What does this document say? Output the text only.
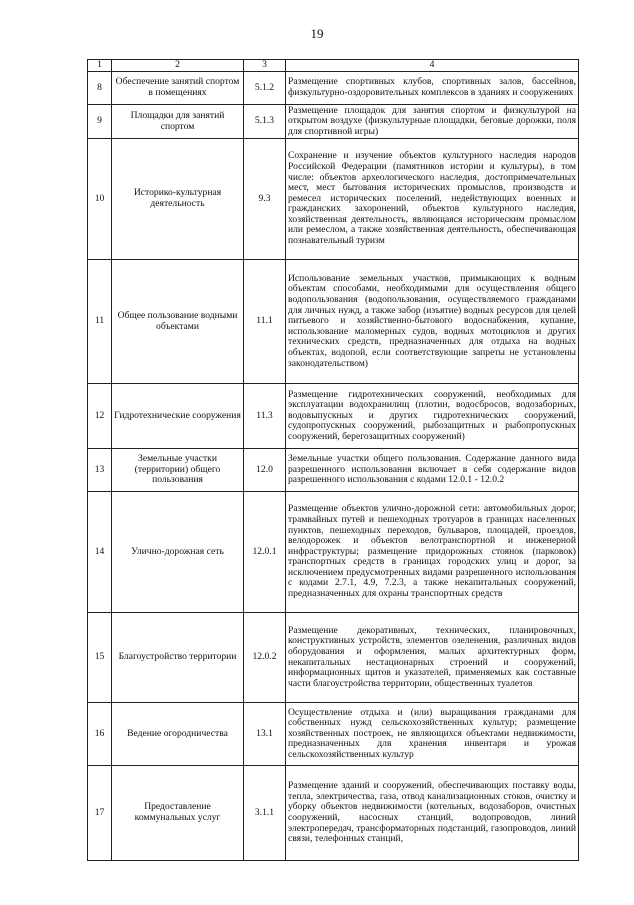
19
1	2	3	4
8	Обеспечение занятий спортом в помещениях	5.1.2	Размещение спортивных клубов, спортивных залов, бассейнов, физкультурно-оздоровительных комплексов в зданиях и сооружениях
9	Площадки для занятий спортом	5.1.3	Размещение площадок для занятия спортом и физкультурой на открытом воздухе (физкультурные площадки, беговые дорожки, поля для спортивной игры)
10	Историко-культурная деятельность	9.3	Сохранение и изучение объектов культурного наследия народов Российской Федерации (памятников истории и культуры), в том числе: объектов археологического наследия, достопримечательных мест, мест бытования исторических промыслов, производств и ремесел исторических поселений, недействующих военных и гражданских захоронений, объектов культурного наследия, хозяйственная деятельность, являющаяся историческим промыслом или ремеслом, а также хозяйственная деятельность, обеспечивающая познавательный туризм
11	Общее пользование водными объектами	11.1	Использование земельных участков, примыкающих к водным объектам способами, необходимыми для осуществления общего водопользования (водопользования, осуществляемого гражданами для личных нужд, а также забор (изъятие) водных ресурсов для целей питьевого и хозяйственно-бытового водоснабжения, купание, использование маломерных судов, водных мотоциклов и других технических средств, предназначенных для отдыха на водных объектах, водопой, если соответствующие запреты не установлены законодательством)
12	Гидротехнические сооружения	11.3	Размещение гидротехнических сооружений, необходимых для эксплуатации водохранилищ (плотин, водосбросов, водозаборных, водовыпускных и других гидротехнических сооружений, судопропускных сооружений, рыбозащитных и рыбопропускных сооружений, берегозащитных сооружений)
13	Земельные участки (территории) общего пользования	12.0	Земельные участки общего пользования. Содержание данного вида разрешенного использования включает в себя содержание видов разрешенного использования с кодами 12.0.1 - 12.0.2
14	Улично-дорожная сеть	12.0.1	Размещение объектов улично-дорожной сети: автомобильных дорог, трамвайных путей и пешеходных тротуаров в границах населенных пунктов, пешеходных переходов, бульваров, площадей, проездов, велодорожек и объектов велотранспортной и инженерной инфраструктуры; размещение придорожных стоянок (парковок) транспортных средств в границах городских улиц и дорог, за исключением предусмотренных видами разрешенного использования с кодами 2.7.1, 4.9, 7.2.3, а также некапитальных сооружений, предназначенных для охраны транспортных средств
15	Благоустройство территории	12.0.2	Размещение декоративных, технических, планировочных, конструктивных устройств, элементов озеленения, различных видов оборудования и оформления, малых архитектурных форм, некапитальных нестационарных строений и сооружений, информационных щитов и указателей, применяемых как составные части благоустройства территории, общественных туалетов
16	Ведение огородничества	13.1	Осуществление отдыха и (или) выращивания гражданами для собственных нужд сельскохозяйственных культур; размещение хозяйственных построек, не являющихся объектами недвижимости, предназначенных для хранения инвентаря и урожая сельскохозяйственных культур
17	Предоставление коммунальных услуг	3.1.1	Размещение зданий и сооружений, обеспечивающих поставку воды, тепла, электричества, газа, отвод канализационных стоков, очистку и уборку объектов недвижимости (котельных, водозаборов, очистных сооружений, насосных станций, водопроводов, линий электропередач, трансформаторных подстанций, газопроводов, линий связи, телефонных станций,
